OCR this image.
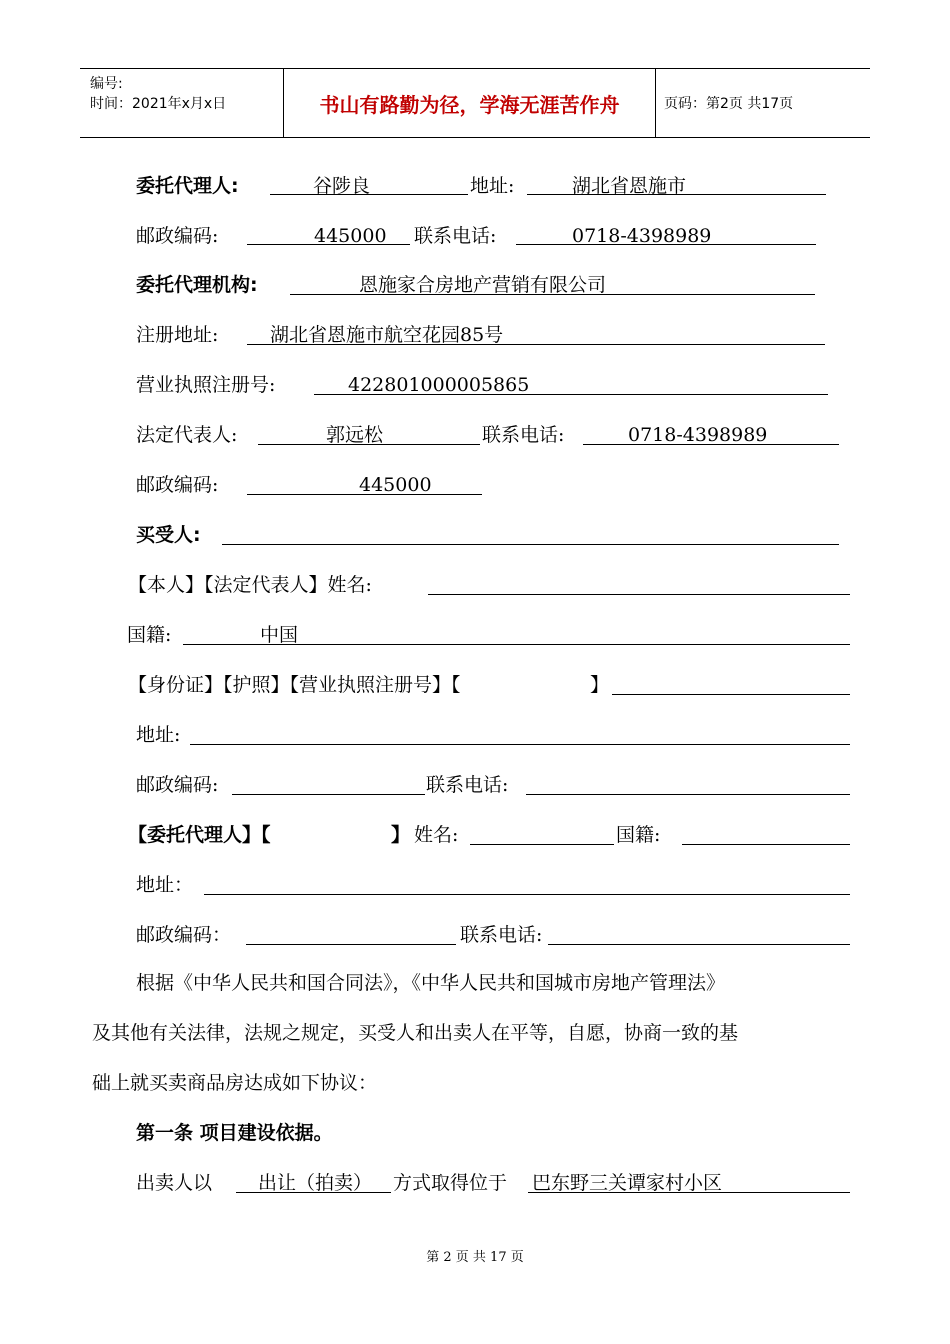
编号:
时间：2021年x月x日	书山有路勤为径，学海无涯苦作舟	页码：第2页 共17页
委托代理人:	谷陟良	地址:	湖北省恩施市
邮政编码:	445000 联系电话:	0718-4398989
委托代理机构:	恩施家合房地产营销有限公司
注册地址:	湖北省恩施市航空花园85号
营业执照注册号:	422801000005865
法定代表人:	郭远松	联系电话:	0718-4398989
邮政编码:	445000
买受人:
【本人】【法定代表人】姓名:
国籍:	中国
【身份证】【护照】【营业执照注册号】【	】
地址:
邮政编码:	联系电话:
【委托代理人】【	】 姓名:	国籍:
地址：
邮政编码：	联系电话:
根据《中华人民共和国合同法》，《中华人民共和国城市房地产管理法》
及其他有关法律，法规之规定，买受人和出卖人在平等，自愿，协商一致的基
础上就买卖商品房达成如下协议：
第一条 项目建设依据。
出卖人以 出让（拍卖） 方式取得位于 巴东野三关谭家村小区
第 2 页 共 17 页
